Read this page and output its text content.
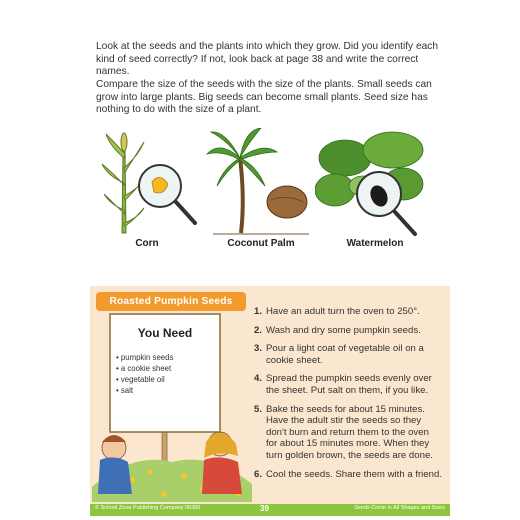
Look at the seeds and the plants into which they grow. Did you identify each kind of seed correctly? If not, look back at page 38 and write the correct names.

Compare the size of the seeds with the size of the plants. Small seeds can grow into large plants. Big seeds can become small plants. Seed size has nothing to do with the size of a plant.

Corn	Coconut Palm	Watermelon
Roasted Pumpkin Seeds
You Need
• pumpkin seeds
• a cookie sheet
• vegetable oil
• salt
1. Have an adult turn the oven to 250°.
2. Wash and dry some pumpkin seeds.
3. Pour a light coat of vegetable oil on a cookie sheet.
4. Spread the pumpkin seeds evenly over the sheet. Put salt on them, if you like.
5. Bake the seeds for about 15 minutes. Have the adult stir the seeds so they don't burn and return them to the oven for about 15 minutes more. When they turn golden brown, the seeds are done.
6. Cool the seeds. Share them with a friend.
© School Zone Publishing Company 06360	39	Seeds Come in All Shapes and Sizes
